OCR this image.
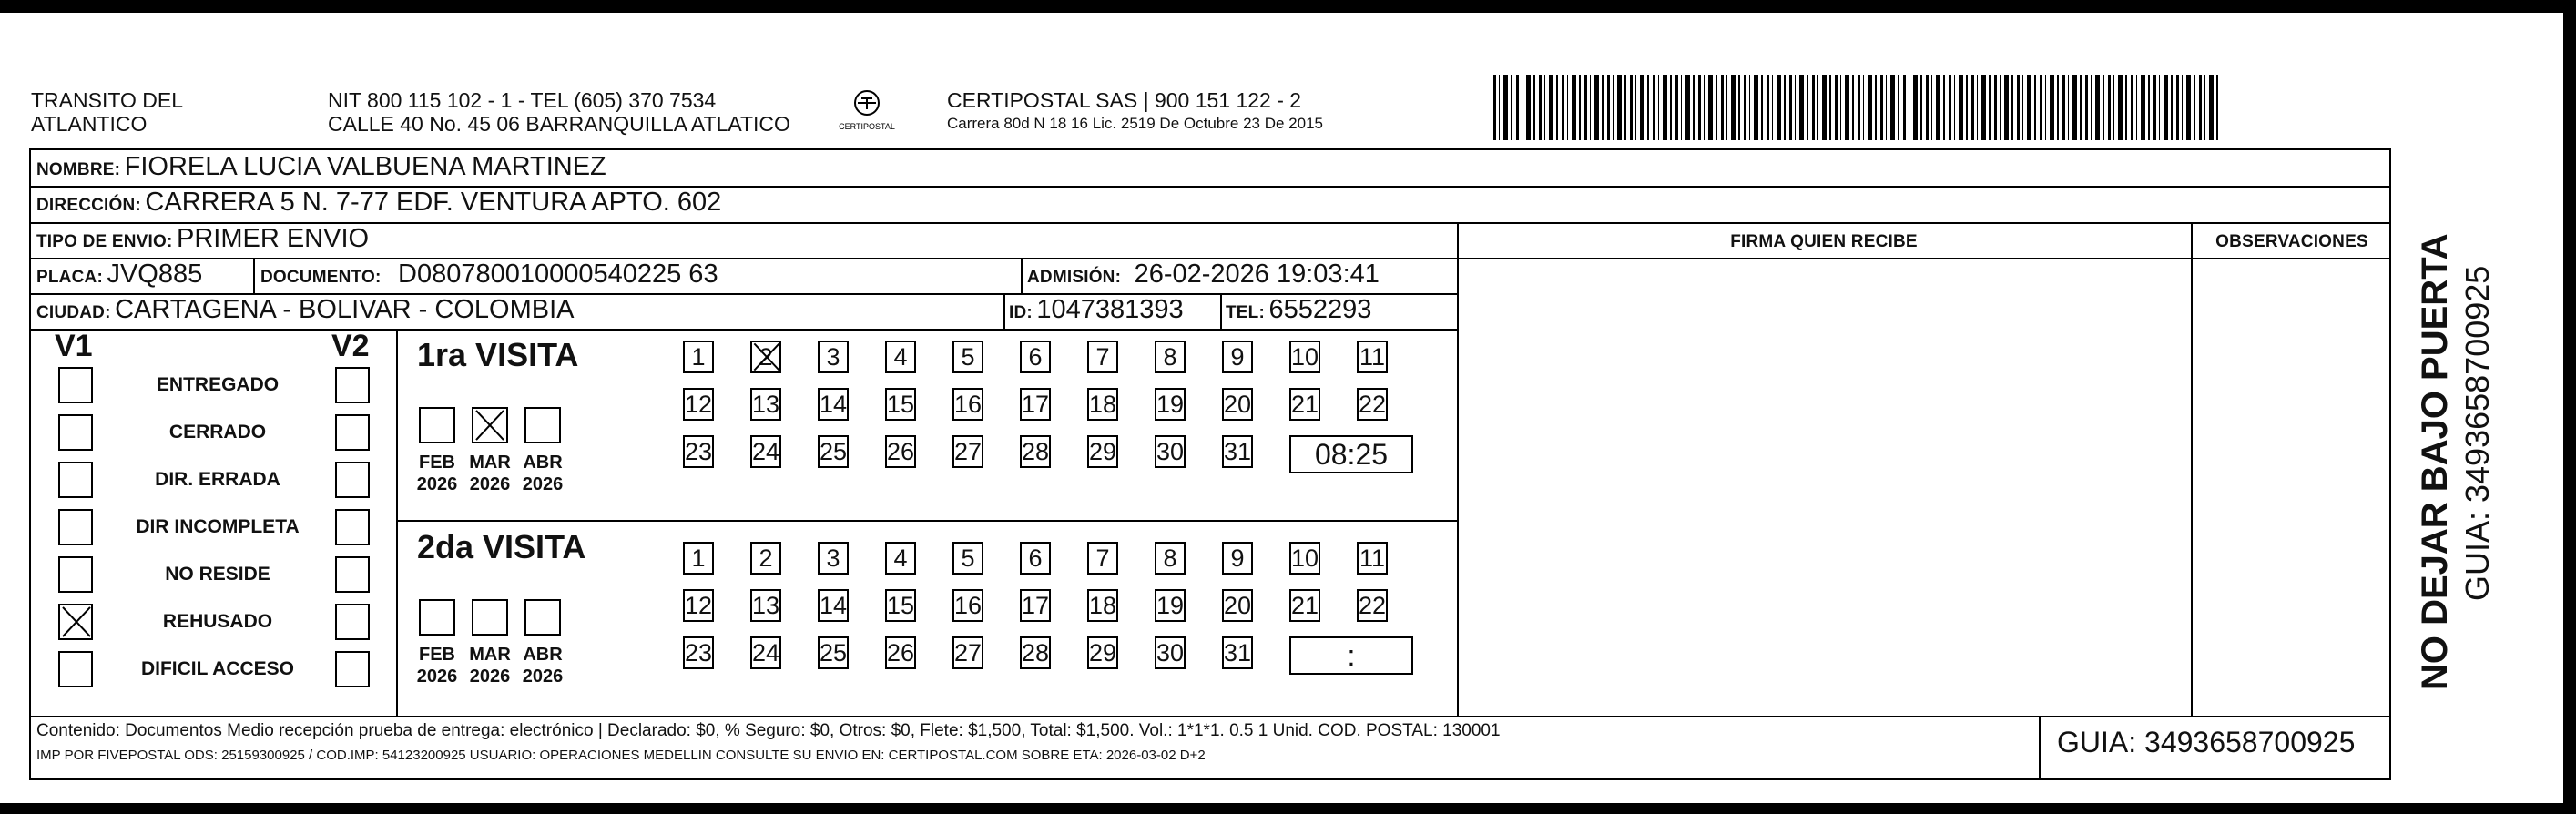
TRANSITO DEL
ATLANTICO
NIT 800 115 102 - 1 - TEL (605) 370 7534
CALLE 40 No. 45 06 BARRANQUILLA ATLATICO	CERTIPOSTAL
CERTIPOSTAL SAS | 900 151 122 - 2
Carrera 80d N 18 16 Lic. 2519 De Octubre 23 De 2015
NOMBRE: FIORELA LUCIA VALBUENA MARTINEZ
DIRECCIÓN: CARRERA 5 N. 7-77 EDF. VENTURA APTO. 602
TIPO DE ENVIO: PRIMER ENVIO	FIRMA QUIEN RECIBE	OBSERVACIONES
PLACA: JVQ885	DOCUMENTO: D080780010000540225 63	ADMISIÓN: 26-02-2026 19:03:41
CIUDAD: CARTAGENA - BOLIVAR - COLOMBIA	ID: 1047381393 TEL: 6552293
V1	V2
ENTREGADO
CERRADO
DIR. ERRADA
DIR INCOMPLETA
NO RESIDE
REHUSADO
DIFICIL ACCESO
1ra VISITA
FEB
2026
MAR
2026
ABR
2026
1	2	3	4	5	6	7	8	9	10 11
12 13 14 15 16 17 18 19 20 21 22
23 24 25 26 27 28 29 30 31	08:25
2da VISITA
FEB
2026
MAR
2026
ABR
2026
1	2	3	4	5	6	7	8	9	10 11
12 13 14 15 16 17 18 19 20 21 22
23 24 25 26 27 28 29 30 31	:
Contenido: Documentos Medio recepción prueba de entrega: electrónico | Declarado: $0, % Seguro: $0, Otros: $0, Flete: $1,500, Total: $1,500. Vol.: 1*1*1. 0.5 1 Unid. COD. POSTAL: 130001
IMP POR FIVEPOSTAL ODS: 25159300925 / COD.IMP: 54123200925 USUARIO: OPERACIONES MEDELLIN CONSULTE SU ENVIO EN: CERTIPOSTAL.COM SOBRE ETA: 2026-03-02 D+2	GUIA: 3493658700925
NO DEJAR BAJO PUERTA GUIA: 3493658700925
